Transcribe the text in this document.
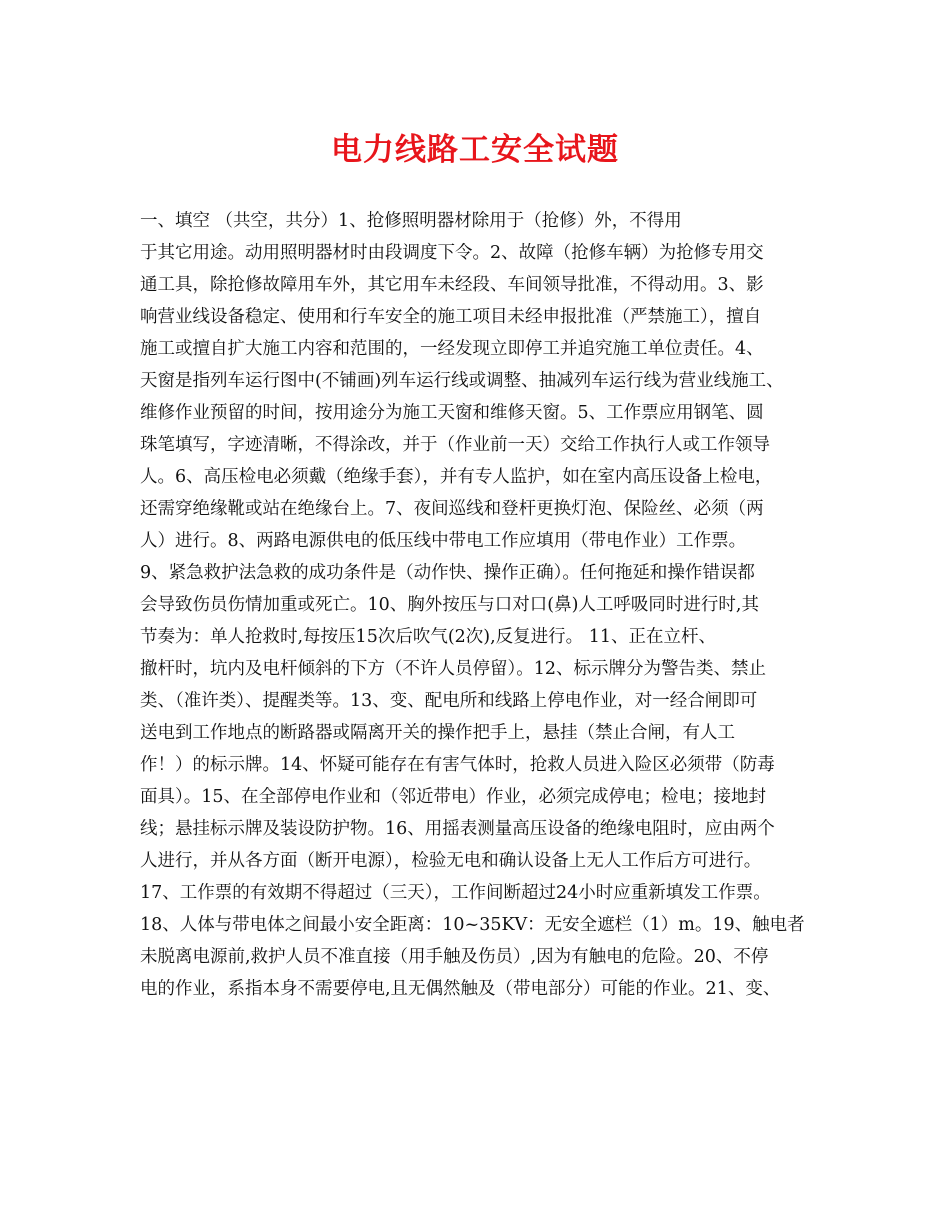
电力线路工安全试题
一、填空 （共空，共分）1、抢修照明器材除用于（抢修）外，不得用
于其它用途。动用照明器材时由段调度下令。2、故障（抢修车辆）为抢修专用交
通工具，除抢修故障用车外，其它用车未经段、车间领导批准，不得动用。3、影
响营业线设备稳定、使用和行车安全的施工项目未经申报批准（严禁施工），擅自
施工或擅自扩大施工内容和范围的，一经发现立即停工并追究施工单位责任。4、
天窗是指列车运行图中(不铺画)列车运行线或调整、抽减列车运行线为营业线施工、
维修作业预留的时间，按用途分为施工天窗和维修天窗。5、工作票应用钢笔、圆
珠笔填写，字迹清晰，不得涂改，并于（作业前一天）交给工作执行人或工作领导
人。6、高压检电必须戴（绝缘手套），并有专人监护，如在室内高压设备上检电，
还需穿绝缘靴或站在绝缘台上。7、夜间巡线和登杆更换灯泡、保险丝、必须（两
人）进行。8、两路电源供电的低压线中带电工作应填用（带电作业）工作票。
9、紧急救护法急救的成功条件是（动作快、操作正确）。任何拖延和操作错误都
会导致伤员伤情加重或死亡。10、胸外按压与口对口(鼻)人工呼吸同时进行时,其
节奏为：单人抢救时,每按压15次后吹气(2次),反复进行。 11、正在立杆、
撤杆时，坑内及电杆倾斜的下方（不许人员停留）。12、标示牌分为警告类、禁止
类、（准许类）、提醒类等。13、变、配电所和线路上停电作业，对一经合闸即可
送电到工作地点的断路器或隔离开关的操作把手上，悬挂（禁止合闸，有人工
作！）的标示牌。14、怀疑可能存在有害气体时，抢救人员进入险区必须带（防毒
面具）。15、在全部停电作业和（邻近带电）作业，必须完成停电；检电；接地封
线；悬挂标示牌及装设防护物。16、用摇表测量高压设备的绝缘电阻时，应由两个
人进行，并从各方面（断开电源），检验无电和确认设备上无人工作后方可进行。
17、工作票的有效期不得超过（三天），工作间断超过24小时应重新填发工作票。
18、人体与带电体之间最小安全距离：10~35KV：无安全遮栏（1）m。19、触电者
未脱离电源前,救护人员不准直接（用手触及伤员）,因为有触电的危险。20、不停
电的作业，系指本身不需要停电,且无偶然触及（带电部分）可能的作业。21、变、
